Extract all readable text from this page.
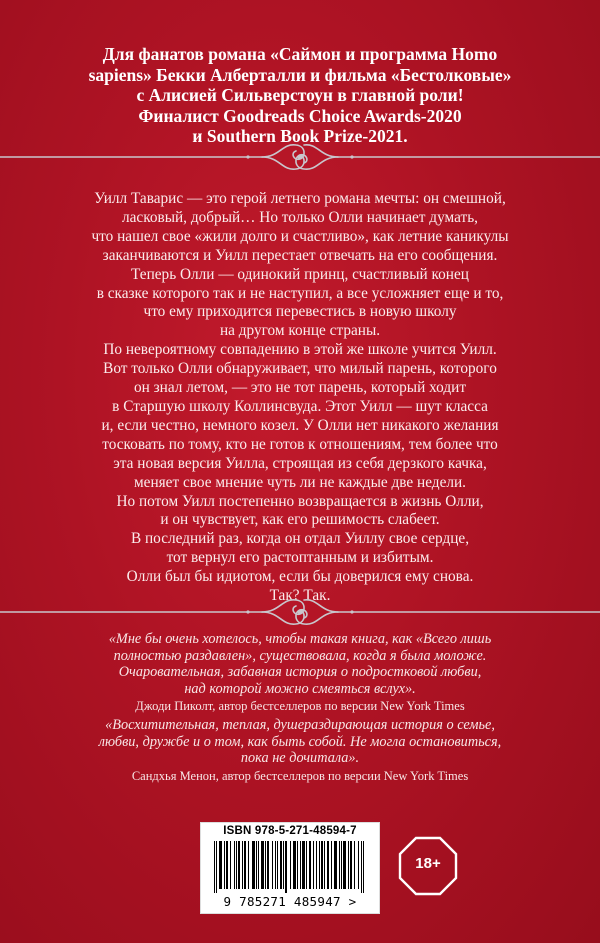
Для фанатов романа «Саймон и программа Homo
sapiens» Бекки Алберталли и фильма «Бестолковые»
с Алисией Сильверстоун в главной роли!
Финалист Goodreads Choice Awards-2020
и Southern Book Prize-2021.
Уилл Таварис — это герой летнего романа мечты: он смешной,
ласковый, добрый… Но только Олли начинает думать,
что нашел свое «жили долго и счастливо», как летние каникулы
заканчиваются и Уилл перестает отвечать на его сообщения.
Теперь Олли — одинокий принц, счастливый конец
в сказке которого так и не наступил, а все усложняет еще и то,
что ему приходится перевестись в новую школу
на другом конце страны.
По невероятному совпадению в этой же школе учится Уилл.
Вот только Олли обнаруживает, что милый парень, которого
он знал летом, — это не тот парень, который ходит
в Старшую школу Коллинсвуда. Этот Уилл — шут класса
и, если честно, немного козел. У Олли нет никакого желания
тосковать по тому, кто не готов к отношениям, тем более что
эта новая версия Уилла, строящая из себя дерзкого качка,
меняет свое мнение чуть ли не каждые две недели.
Но потом Уилл постепенно возвращается в жизнь Олли,
и он чувствует, как его решимость слабеет.
В последний раз, когда он отдал Уиллу свое сердце,
тот вернул его растоптанным и избитым.
Олли был бы идиотом, если бы доверился ему снова.
Так? Так.
«Мне бы очень хотелось, чтобы такая книга, как «Всего лишь
полностью раздавлен», существовала, когда я была моложе.
Очаровательная, забавная история о подростковой любви,
над которой можно смеяться вслух».
Джоди Пиколт, автор бестселлеров по версии New York Times
«Восхитительная, теплая, душераздирающая история о семье,
любви, дружбе и о том, как быть собой. Не могла остановиться,
пока не дочитала».
Сандхья Менон, автор бестселлеров по версии New York Times
ISBN 978-5-271-48594-7
9 785271 485947 >
18+
